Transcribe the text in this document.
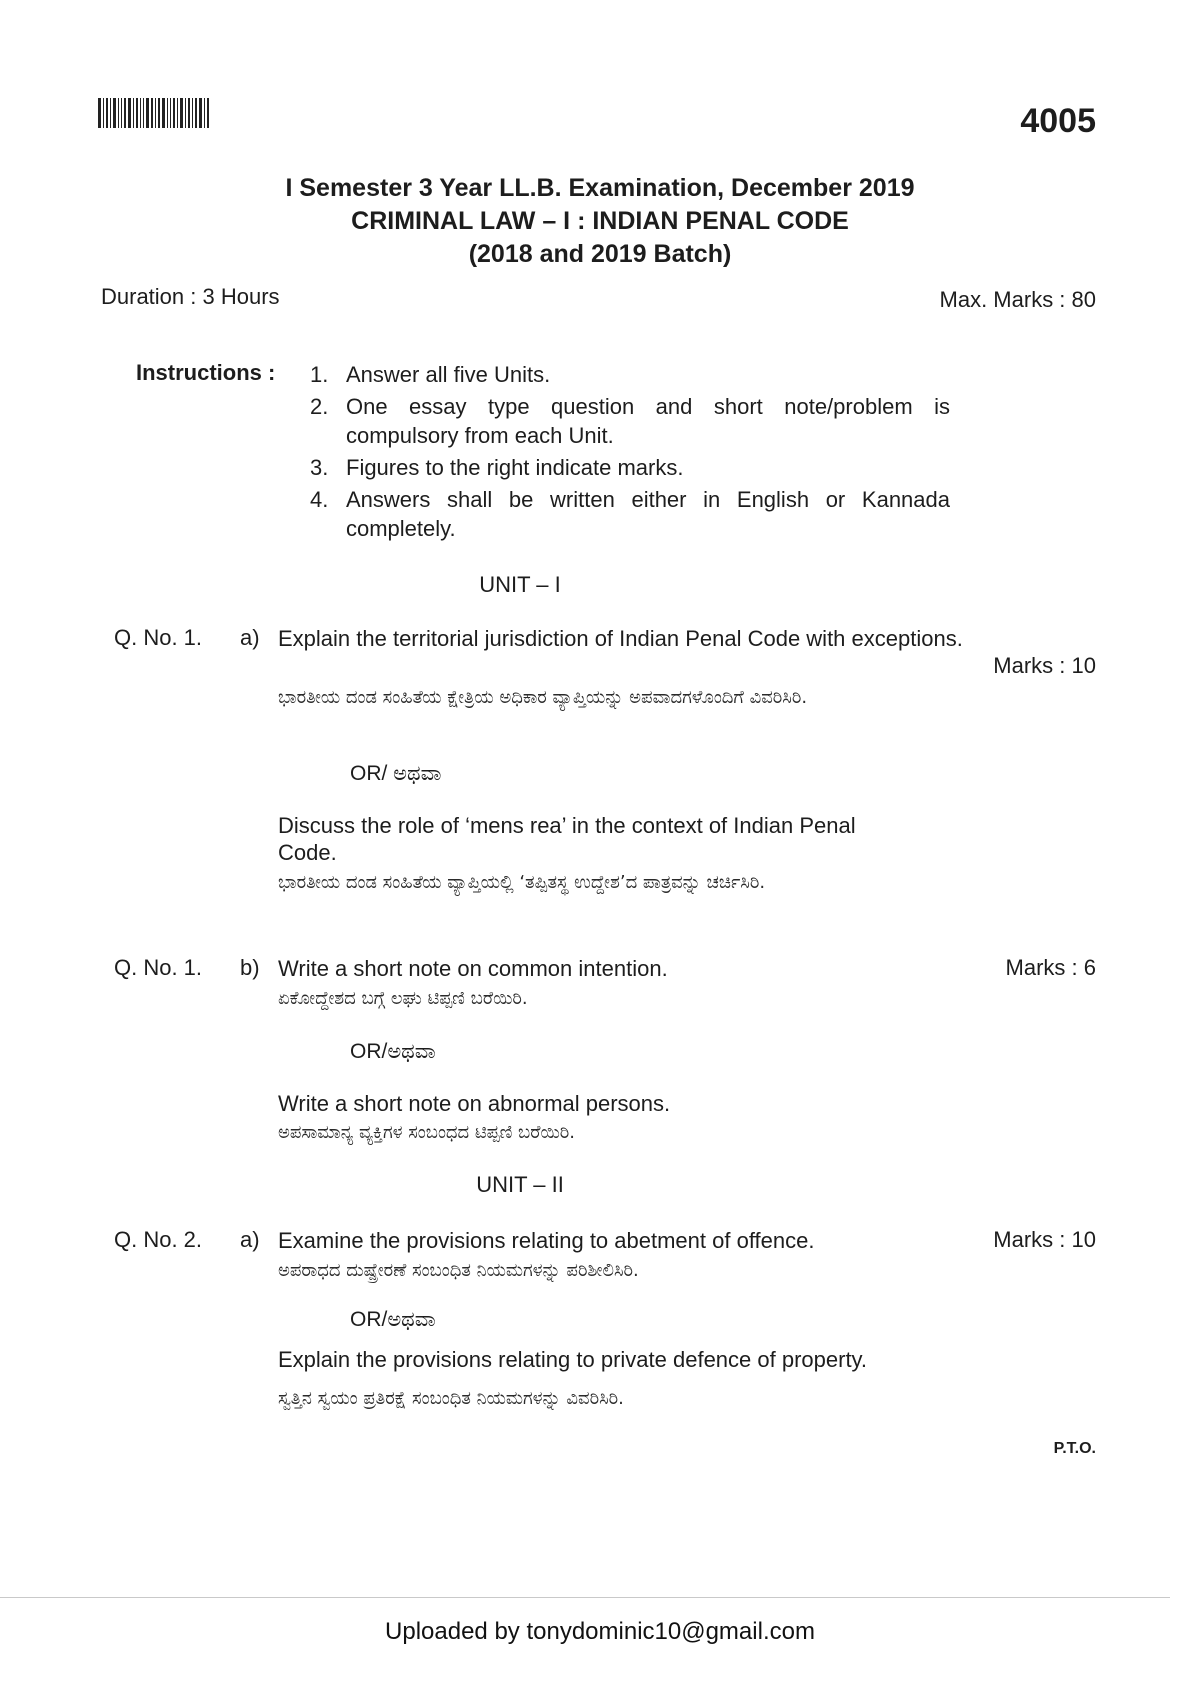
4005
I Semester 3 Year LL.B. Examination, December 2019
CRIMINAL LAW – I : INDIAN PENAL CODE
(2018 and 2019 Batch)
Duration : 3 Hours	Max. Marks : 80
Instructions : 1. Answer all five Units.
2. One essay type question and short note/problem is compulsory from each Unit.
3. Figures to the right indicate marks.
4. Answers shall be written either in English or Kannada completely.
UNIT – I
Q. No. 1. a) Explain the territorial jurisdiction of Indian Penal Code with exceptions.
Marks : 10
ಭಾರತೀಯ ದಂಡ ಸಂಹಿತೆಯ ಕ್ಷೇತ್ರಿಯ ಅಧಿಕಾರ ವ್ಯಾಪ್ತಿಯನ್ನು ಅಪವಾದಗಳೊಂದಿಗೆ ವಿವರಿಸಿರಿ.
OR/ ಅಥವಾ
Discuss the role of ‘mens rea’ in the context of Indian Penal Code.
ಭಾರತೀಯ ದಂಡ ಸಂಹಿತೆಯ ವ್ಯಾಪ್ತಿಯಲ್ಲಿ ‘ತಪ್ಪಿತಸ್ಥ ಉದ್ದೇಶ’ದ ಪಾತ್ರವನ್ನು ಚರ್ಚಿಸಿರಿ.
Q. No. 1. b) Write a short note on common intention.	Marks : 6
ಏಕೋದ್ದೇಶದ ಬಗ್ಗೆ ಲಘು ಟಿಪ್ಪಣಿ ಬರೆಯಿರಿ.
OR/ಅಥವಾ
Write a short note on abnormal persons.
ಅಪಸಾಮಾನ್ಯ ವ್ಯಕ್ತಿಗಳ ಸಂಬಂಧದ ಟಿಪ್ಪಣಿ ಬರೆಯಿರಿ.
UNIT – II
Q. No. 2. a) Examine the provisions relating to abetment of offence.	Marks : 10
ಅಪರಾಧದ ದುಷ್ಪ್ರೇರಣೆ ಸಂಬಂಧಿತ ನಿಯಮಗಳನ್ನು ಪರಿಶೀಲಿಸಿರಿ.
OR/ಅಥವಾ
Explain the provisions relating to private defence of property.
ಸ್ವತ್ತಿನ ಸ್ವಯಂ ಪ್ರತಿರಕ್ಷೆ ಸಂಬಂಧಿತ ನಿಯಮಗಳನ್ನು ವಿವರಿಸಿರಿ.
P.T.O.
Uploaded by tonydominic10@gmail.com
